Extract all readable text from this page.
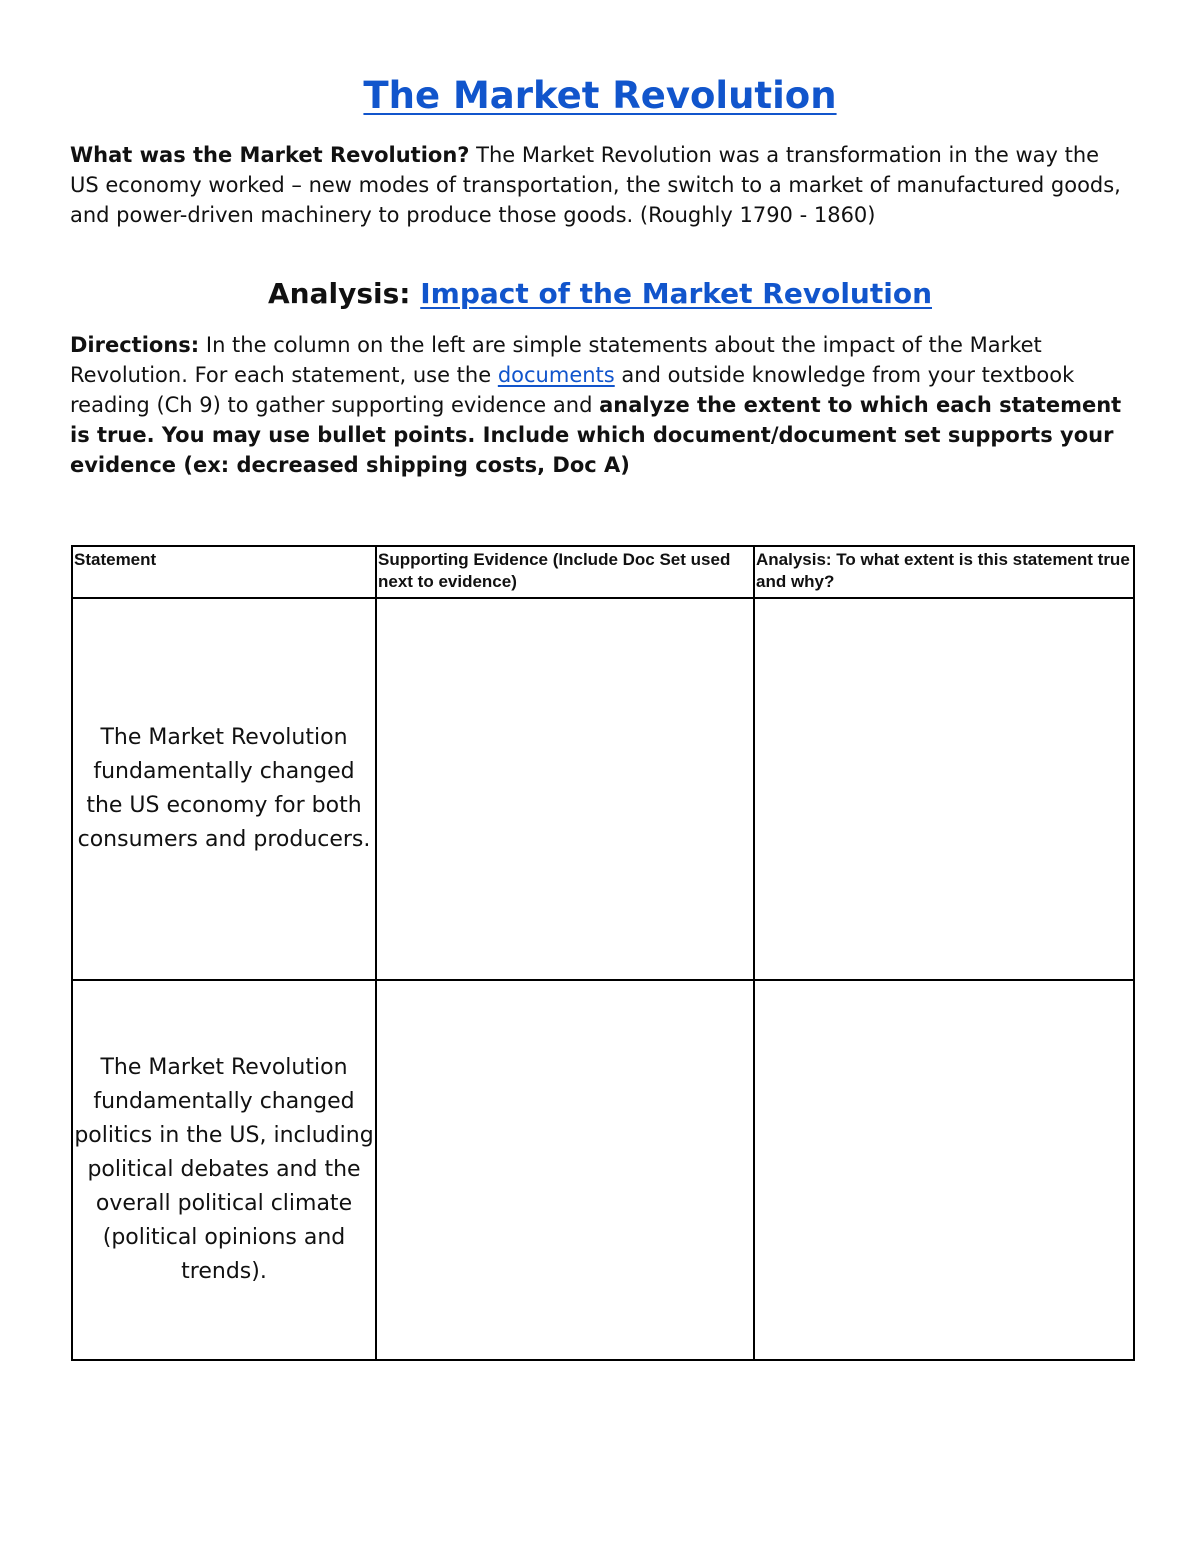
The Market Revolution
What was the Market Revolution? The Market Revolution was a transformation in the way the US economy worked – new modes of transportation, the switch to a market of manufactured goods, and power-driven machinery to produce those goods. (Roughly 1790 - 1860)
Analysis: Impact of the Market Revolution
Directions: In the column on the left are simple statements about the impact of the Market Revolution. For each statement, use the documents and outside knowledge from your textbook reading (Ch 9) to gather supporting evidence and analyze the extent to which each statement is true. You may use bullet points. Include which document/document set supports your evidence (ex: decreased shipping costs, Doc A)
Statement	Supporting Evidence (Include Doc Set used next to evidence)	Analysis: To what extent is this statement true and why?
The Market Revolution fundamentally changed the US economy for both consumers and producers.		
The Market Revolution fundamentally changed politics in the US, including political debates and the overall political climate (political opinions and trends).		
